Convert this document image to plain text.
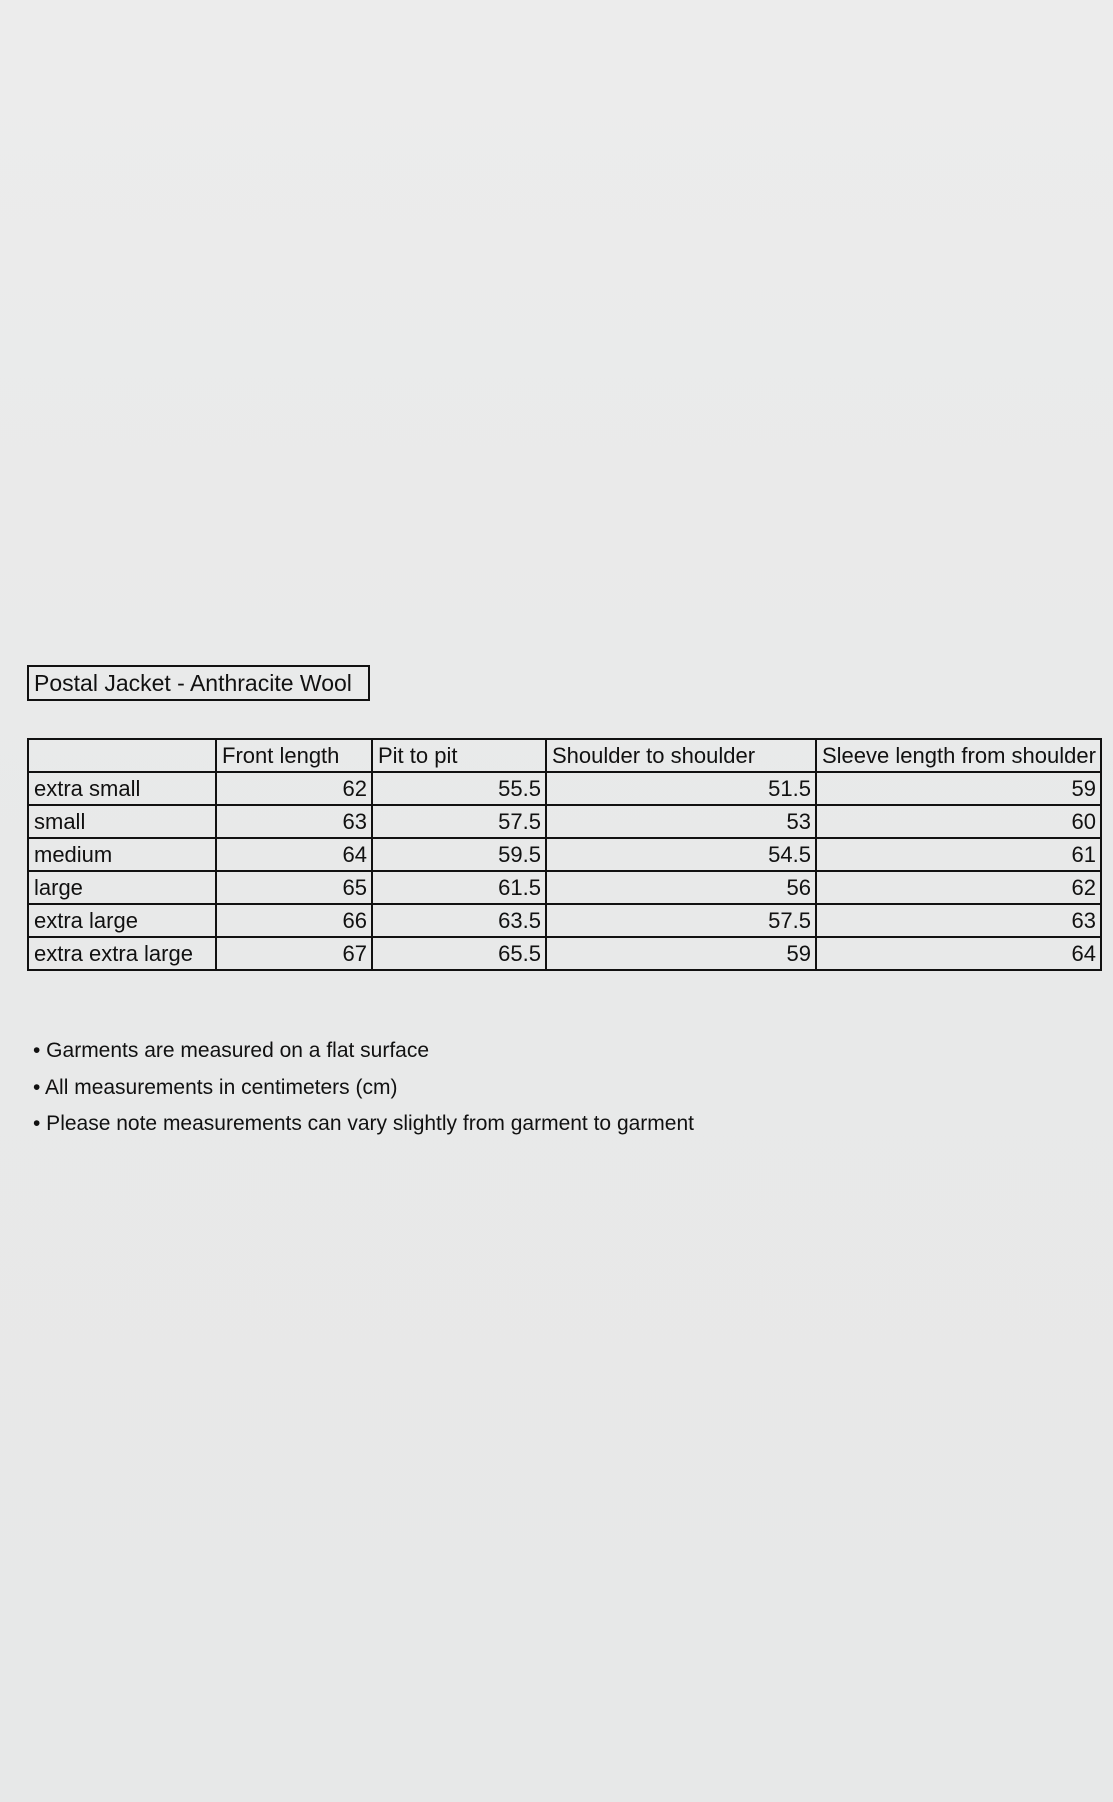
Postal Jacket - Anthracite Wool
	Front length	Pit to pit	Shoulder to shoulder	Sleeve length from shoulder
extra small	62	55.5	51.5	59
small	63	57.5	53	60
medium	64	59.5	54.5	61
large	65	61.5	56	62
extra large	66	63.5	57.5	63
extra extra large	67	65.5	59	64
• Garments are measured on a flat surface
• All measurements in centimeters (cm)
• Please note measurements can vary slightly from garment to garment
